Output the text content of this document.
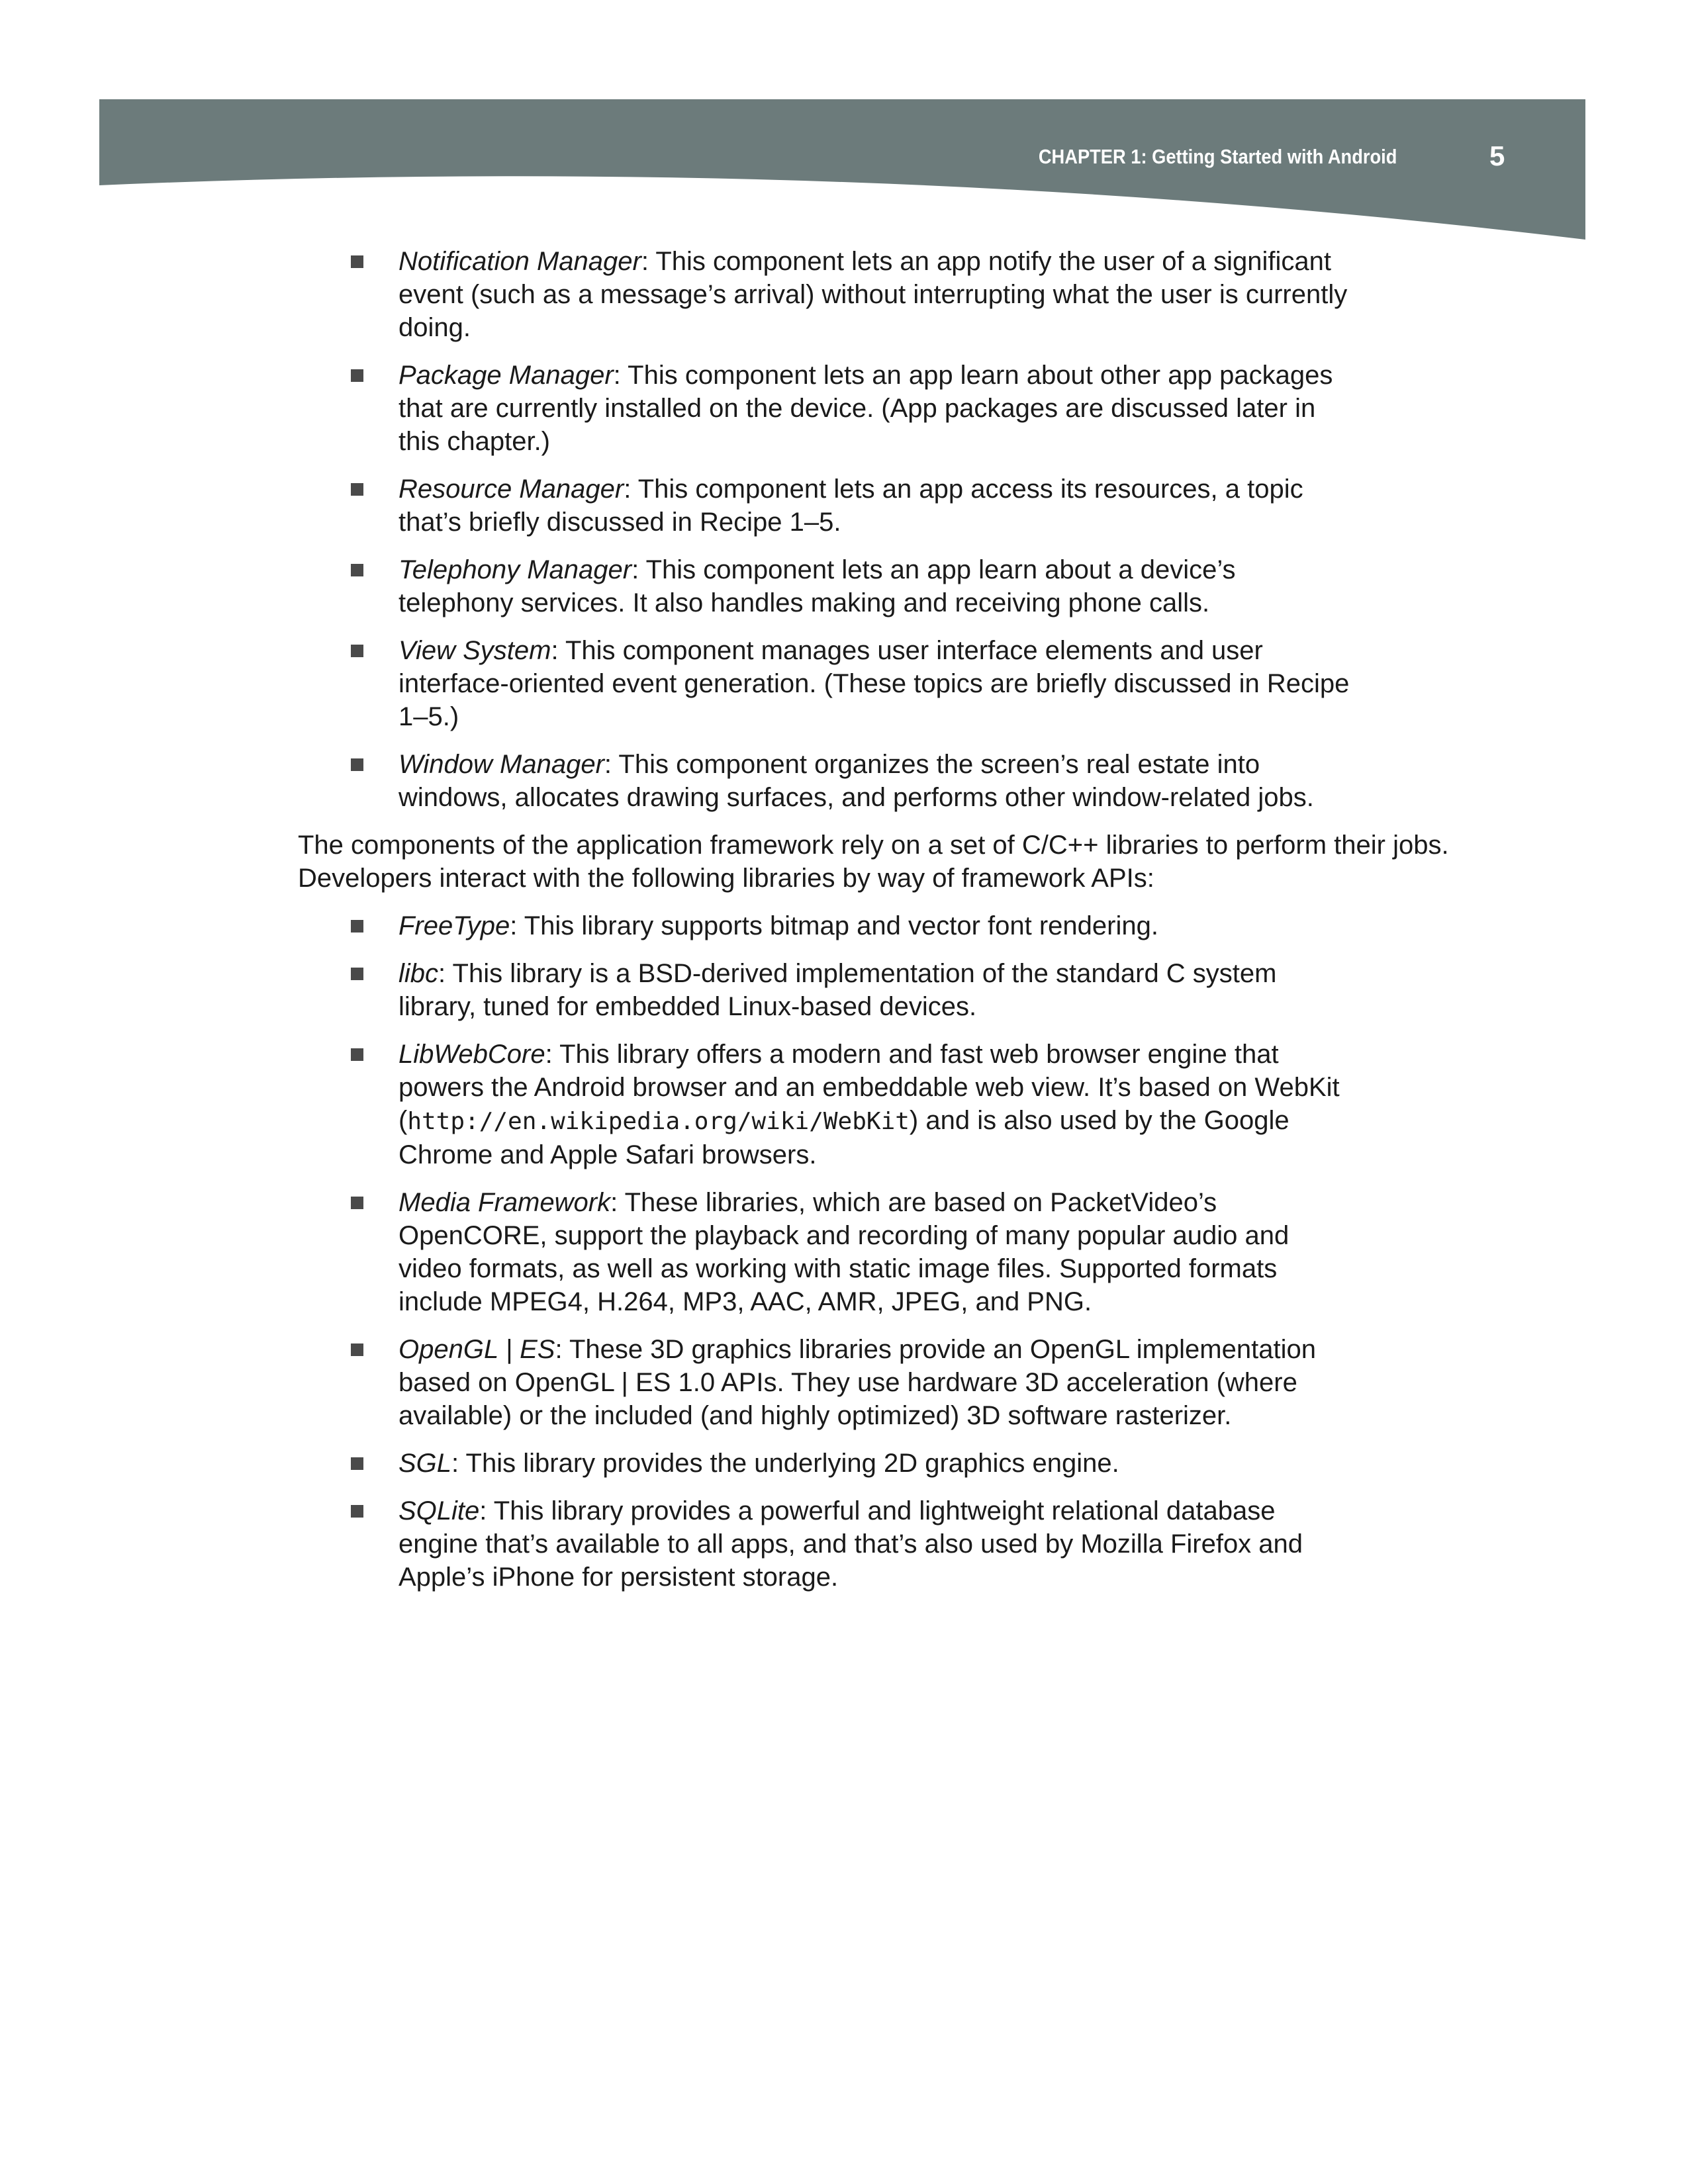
CHAPTER 1: Getting Started with Android	5
Notification Manager: This component lets an app notify the user of a significant event (such as a message’s arrival) without interrupting what the user is currently doing.
Package Manager: This component lets an app learn about other app packages that are currently installed on the device. (App packages are discussed later in this chapter.)
Resource Manager: This component lets an app access its resources, a topic that’s briefly discussed in Recipe 1–5.
Telephony Manager: This component lets an app learn about a device’s telephony services. It also handles making and receiving phone calls.
View System: This component manages user interface elements and user interface-oriented event generation. (These topics are briefly discussed in Recipe 1–5.)
Window Manager: This component organizes the screen’s real estate into windows, allocates drawing surfaces, and performs other window-related jobs.

The components of the application framework rely on a set of C/C++ libraries to perform their jobs. Developers interact with the following libraries by way of framework APIs:

FreeType: This library supports bitmap and vector font rendering.
libc: This library is a BSD-derived implementation of the standard C system library, tuned for embedded Linux-based devices.
LibWebCore: This library offers a modern and fast web browser engine that powers the Android browser and an embeddable web view. It’s based on WebKit (http://en.wikipedia.org/wiki/WebKit) and is also used by the Google Chrome and Apple Safari browsers.
Media Framework: These libraries, which are based on PacketVideo’s OpenCORE, support the playback and recording of many popular audio and video formats, as well as working with static image files. Supported formats include MPEG4, H.264, MP3, AAC, AMR, JPEG, and PNG.
OpenGL | ES: These 3D graphics libraries provide an OpenGL implementation based on OpenGL | ES 1.0 APIs. They use hardware 3D acceleration (where available) or the included (and highly optimized) 3D software rasterizer.
SGL: This library provides the underlying 2D graphics engine.
SQLite: This library provides a powerful and lightweight relational database engine that’s available to all apps, and that’s also used by Mozilla Firefox and Apple’s iPhone for persistent storage.
